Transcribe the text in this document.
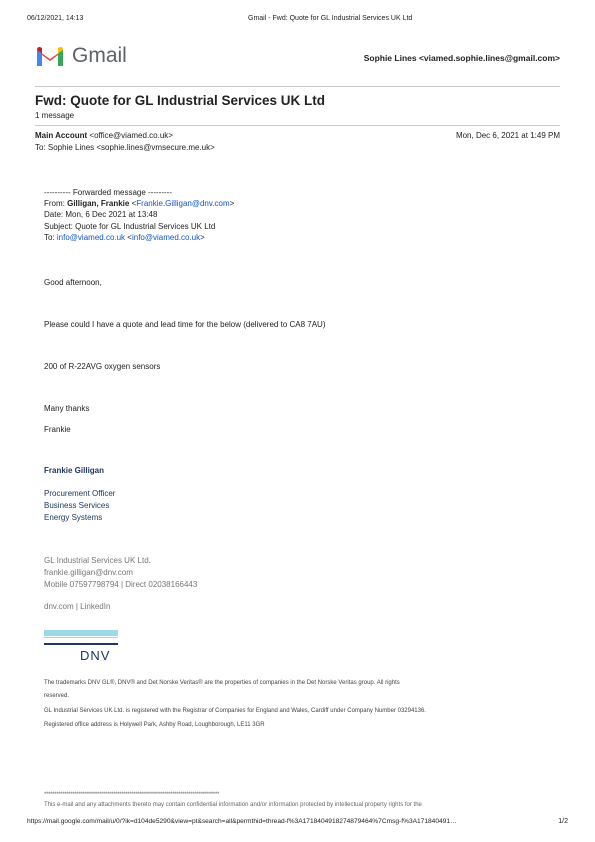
06/12/2021, 14:13	Gmail - Fwd: Quote for GL Industrial Services UK Ltd
Gmail	Sophie Lines <viamed.sophie.lines@gmail.com>
Fwd: Quote for GL Industrial Services UK Ltd
1 message
Main Account <office@viamed.co.uk>	Mon, Dec 6, 2021 at 1:49 PM
To: Sophie Lines <sophie.lines@vmsecure.me.uk>
---------- Forwarded message ---------
From: Gilligan, Frankie <Frankie.Gilligan@dnv.com>
Date: Mon, 6 Dec 2021 at 13:48
Subject: Quote for GL Industrial Services UK Ltd
To: info@viamed.co.uk <info@viamed.co.uk>
Good afternoon,
Please could I have a quote and lead time for the below (delivered to CA8 7AU)
200 of R-22AVG oxygen sensors
Many thanks
Frankie
Frankie Gilligan
Procurement Officer
Business Services
Energy Systems
GL Industrial Services UK Ltd.
frankie.gilligan@dnv.com
Mobile 07597798794 | Direct 02038166443
dnv.com | LinkedIn
DNV
The trademarks DNV GL®, DNV® and Det Norske Veritas® are the properties of companies in the Det Norske Veritas group. All rights
reserved.
GL Industrial Services UK Ltd. is registered with the Registrar of Companies for England and Wales, Cardiff under Company Number 03294136.
Registered office address is Holywell Park, Ashby Road, Loughborough, LE11 3GR
**************************************************************************************
This e-mail and any attachments thereto may contain confidential information and/or information protected by intellectual property rights for the
https://mail.google.com/mail/u/0/?ik=d104de5290&view=pt&search=all&permthid=thread-f%3A1718404918274879464%7Cmsg-f%3A171840491…	1/2
